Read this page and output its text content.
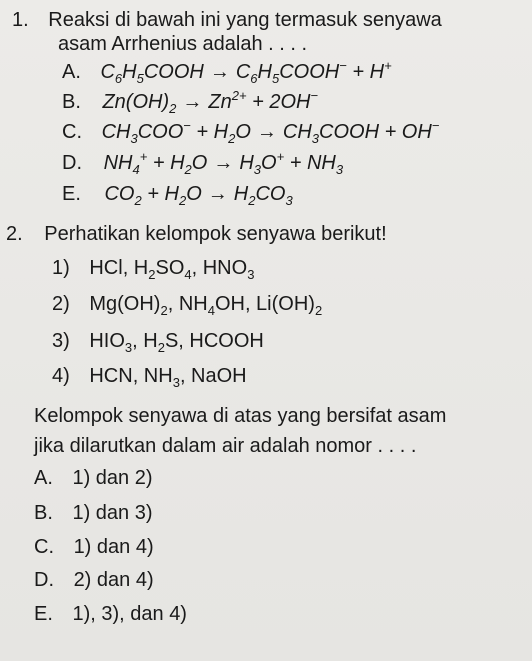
1. Reaksi di bawah ini yang termasuk senyawa
asam Arrhenius adalah . . . .
A. $C_6H_5COOH$ → $C_6H_5COOH^- + H^+$
B. $Zn(OH)_2 \to Zn^{2+} + 2OH^-$
C. $CH_3COO^- + H_2O$ → $CH_3COOH + OH^-$
D. $NH_4^+ + H_2O \to H_3O^+ + NH_3$
E. $CO_2 + H_2O \to H_2CO_3$
2. Perhatikan kelompok senyawa berikut!
1) HCl, $H_2SO_4$, $HNO_3$
2) $Mg(OH)_2$, $NH_4OH$, $Li(OH)_2$
3) $HIO_3$, $H_2S$, HCOOH
4) HCN, $NH_3$, NaOH
Kelompok senyawa di atas yang bersifat asam
jika dilarutkan dalam air adalah nomor . . . .
A. 1) dan 2)
B. 1) dan 3)
C. 1) dan 4)
D. 2) dan 4)
E. 1), 3), dan 4)
